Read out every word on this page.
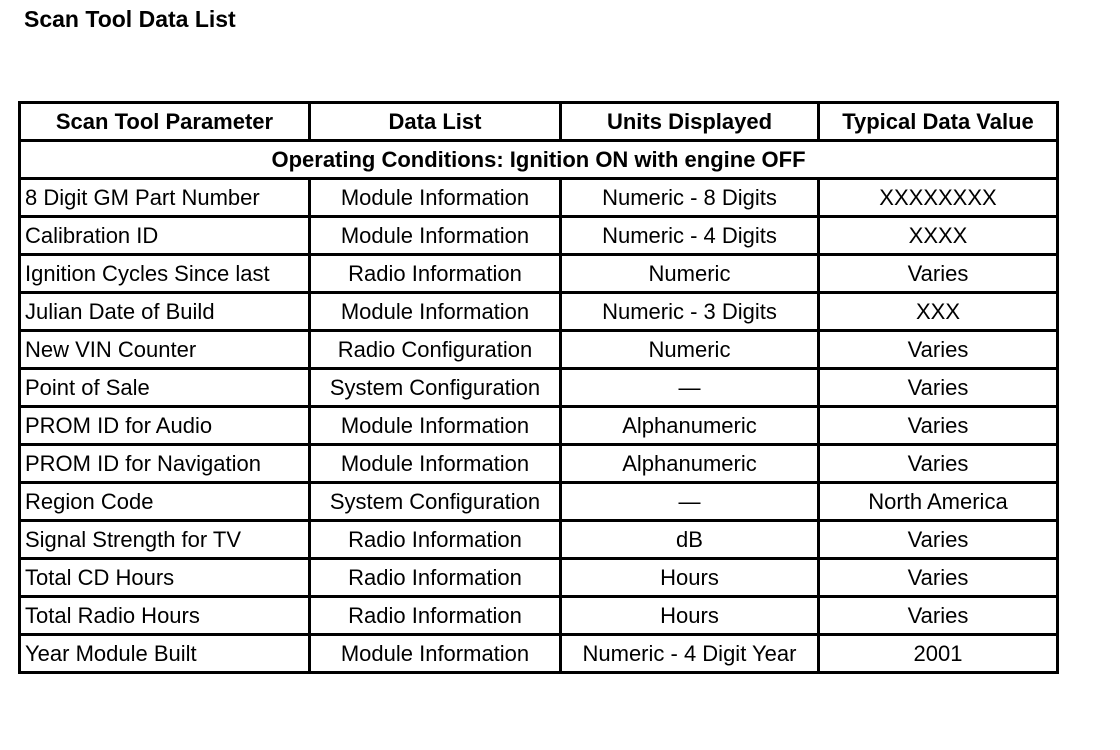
Scan Tool Data List
Scan Tool Parameter	Data List	Units Displayed	Typical Data Value
Operating Conditions: Ignition ON with engine OFF			
8 Digit GM Part Number	Module Information	Numeric - 8 Digits	XXXXXXXX
Calibration ID	Module Information	Numeric - 4 Digits	XXXX
Ignition Cycles Since last	Radio Information	Numeric	Varies
Julian Date of Build	Module Information	Numeric - 3 Digits	XXX
New VIN Counter	Radio Configuration	Numeric	Varies
Point of Sale	System Configuration	—	Varies
PROM ID for Audio	Module Information	Alphanumeric	Varies
PROM ID for Navigation	Module Information	Alphanumeric	Varies
Region Code	System Configuration	—	North America
Signal Strength for TV	Radio Information	dB	Varies
Total CD Hours	Radio Information	Hours	Varies
Total Radio Hours	Radio Information	Hours	Varies
Year Module Built	Module Information	Numeric - 4 Digit Year	2001
